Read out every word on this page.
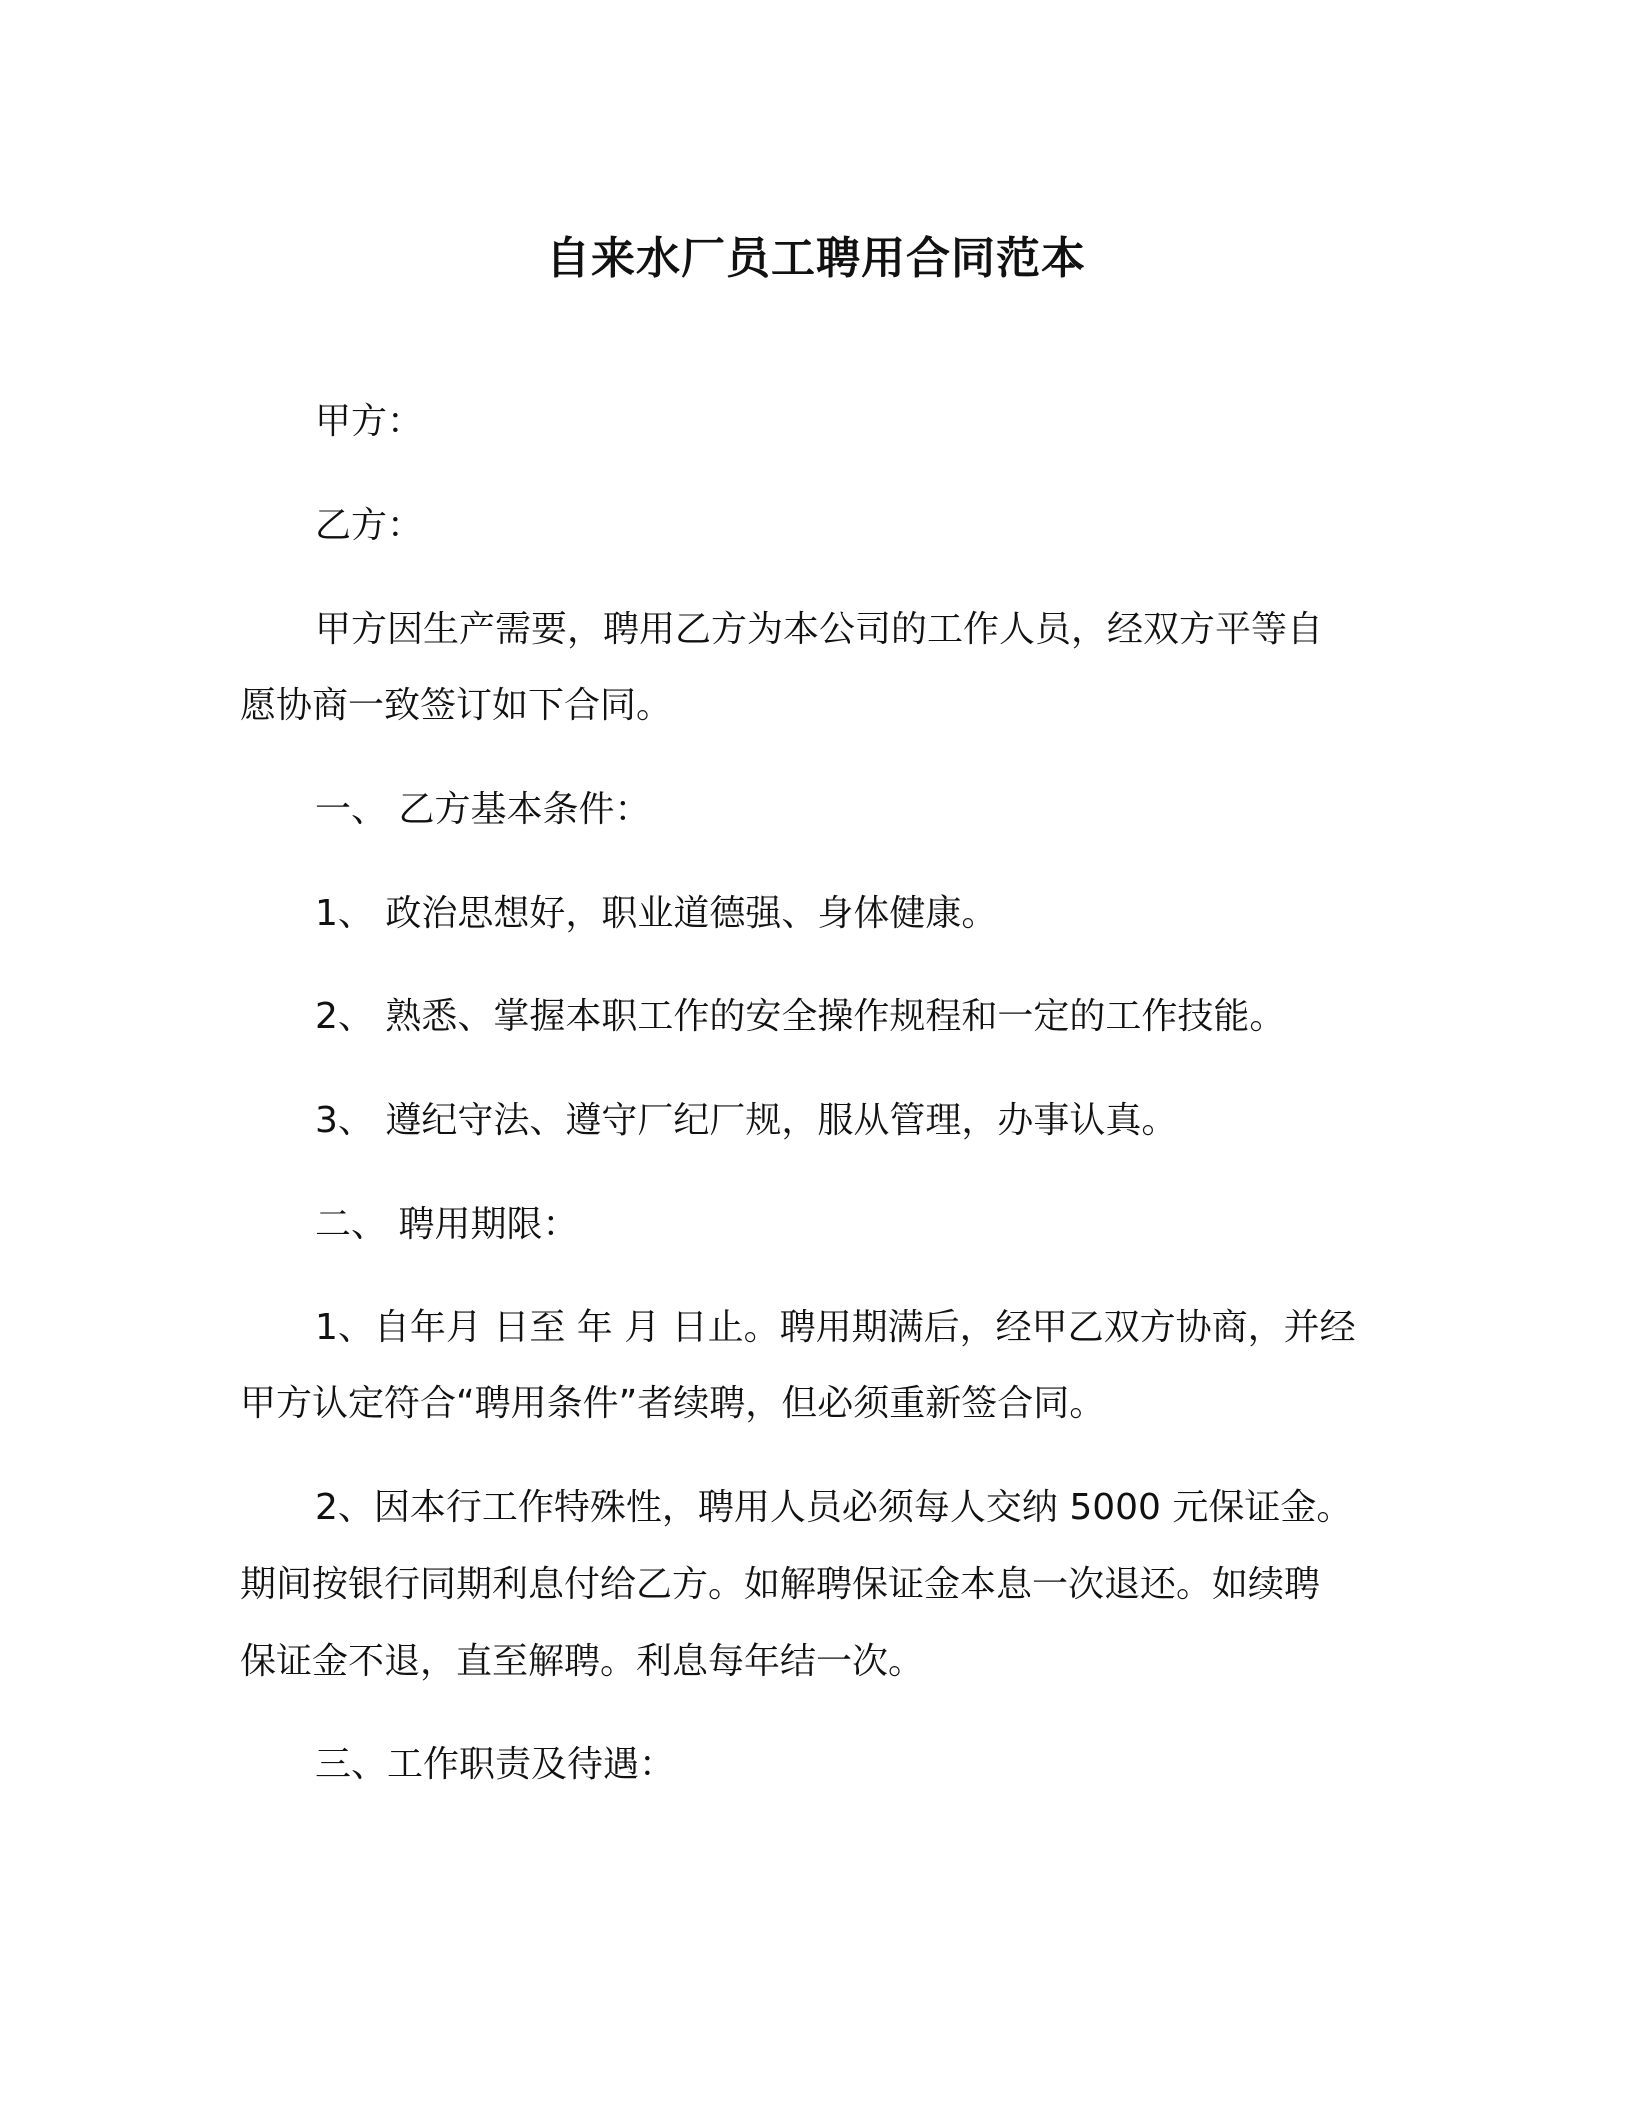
自来水厂员工聘用合同范本
甲方：
乙方：
甲方因生产需要，聘用乙方为本公司的工作人员，经双方平等自
愿协商一致签订如下合同。
一、 乙方基本条件：
1、 政治思想好，职业道德强、身体健康。
2、 熟悉、掌握本职工作的安全操作规程和一定的工作技能。
3、 遵纪守法、遵守厂纪厂规，服从管理，办事认真。
二、 聘用期限：
1、自年月 日至 年 月 日止。聘用期满后，经甲乙双方协商，并经
甲方认定符合“聘用条件”者续聘，但必须重新签合同。
2、因本行工作特殊性，聘用人员必须每人交纳 5000 元保证金。
期间按银行同期利息付给乙方。如解聘保证金本息一次退还。如续聘
保证金不退，直至解聘。利息每年结一次。
三、工作职责及待遇：
